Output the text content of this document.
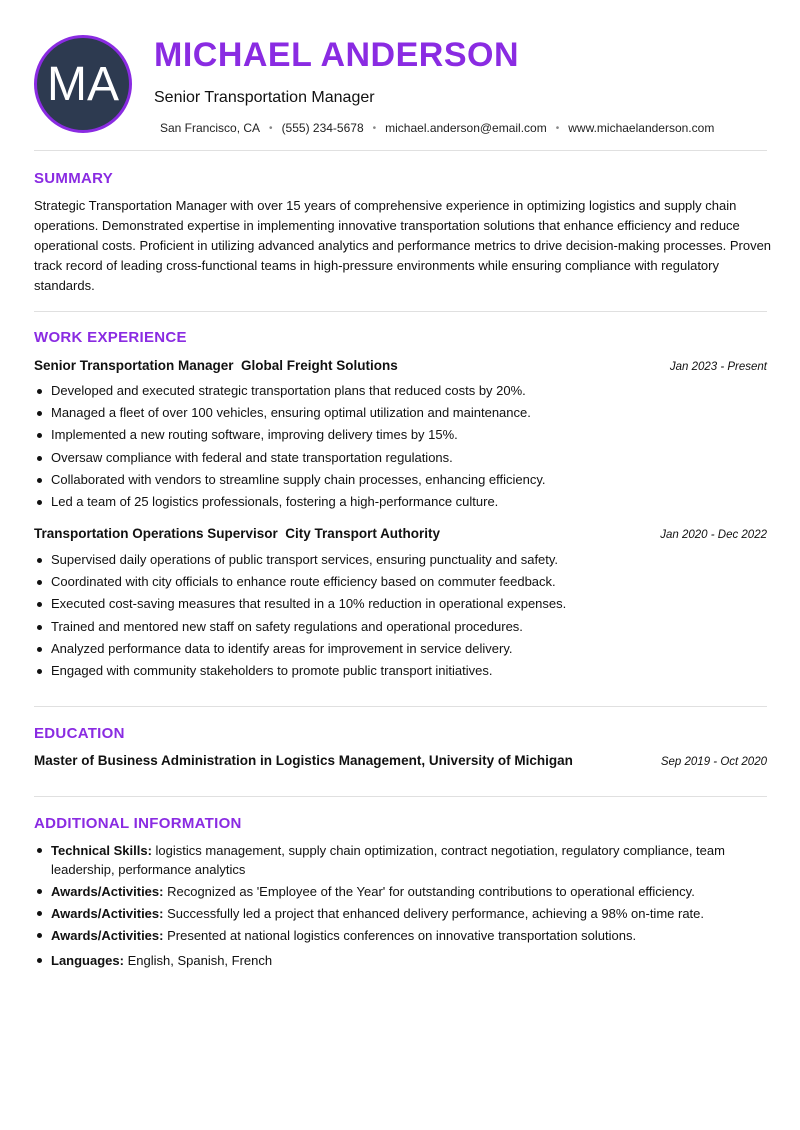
MA
MICHAEL ANDERSON
Senior Transportation Manager
San Francisco, CA • (555) 234-5678 • michael.anderson@email.com • www.michaelanderson.com
SUMMARY

Strategic Transportation Manager with over 15 years of comprehensive experience in optimizing logistics and supply chain operations. Demonstrated expertise in implementing innovative transportation solutions that enhance efficiency and reduce operational costs. Proficient in utilizing advanced analytics and performance metrics to drive decision-making processes. Proven track record of leading cross-functional teams in high-pressure environments while ensuring compliance with regulatory standards.

WORK EXPERIENCE
Senior Transportation Manager  Global Freight Solutions	Jan 2023 - Present
Developed and executed strategic transportation plans that reduced costs by 20%.
Managed a fleet of over 100 vehicles, ensuring optimal utilization and maintenance.
Implemented a new routing software, improving delivery times by 15%.
Oversaw compliance with federal and state transportation regulations.
Collaborated with vendors to streamline supply chain processes, enhancing efficiency.
Led a team of 25 logistics professionals, fostering a high-performance culture.
Transportation Operations Supervisor  City Transport Authority	Jan 2020 - Dec 2022
Supervised daily operations of public transport services, ensuring punctuality and safety.
Coordinated with city officials to enhance route efficiency based on commuter feedback.
Executed cost-saving measures that resulted in a 10% reduction in operational expenses.
Trained and mentored new staff on safety regulations and operational procedures.
Analyzed performance data to identify areas for improvement in service delivery.
Engaged with community stakeholders to promote public transport initiatives.
EDUCATION
Master of Business Administration in Logistics Management, University of Michigan	Sep 2019 - Oct 2020
ADDITIONAL INFORMATION
Technical Skills: logistics management, supply chain optimization, contract negotiation, regulatory compliance, team leadership, performance analytics
Awards/Activities: Recognized as 'Employee of the Year' for outstanding contributions to operational efficiency.
Awards/Activities: Successfully led a project that enhanced delivery performance, achieving a 98% on-time rate.
Awards/Activities: Presented at national logistics conferences on innovative transportation solutions.
Languages: English, Spanish, French
